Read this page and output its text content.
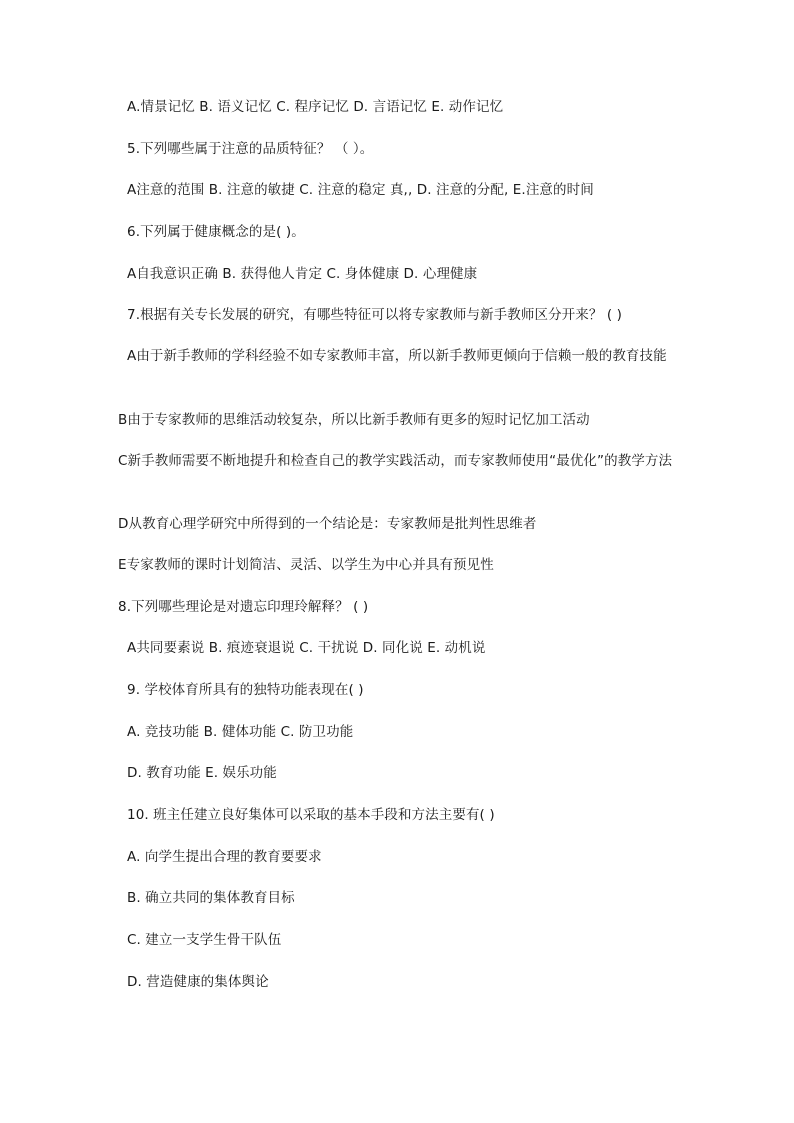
A.情景记忆 B. 语义记忆 C. 程序记忆 D. 言语记忆 E. 动作记忆

5.下列哪些属于注意的品质特征？ （ ）。

A注意的范围 B. 注意的敏捷 C. 注意的稳定 真,, D. 注意的分配, E.注意的时间

6.下列属于健康概念的是( )。

A自我意识正确 B. 获得他人肯定 C. 身体健康 D. 心理健康

7.根据有关专长发展的研究，有哪些特征可以将专家教师与新手教师区分开来？ ( )

A由于新手教师的学科经验不如专家教师丰富，所以新手教师更倾向于信赖一般的教育技能

B由于专家教师的思维活动较复杂，所以比新手教师有更多的短时记忆加工活动

C新手教师需要不断地提升和检查自己的教学实践活动，而专家教师使用“最优化”的教学方法

D从教育心理学研究中所得到的一个结论是：专家教师是批判性思维者

E专家教师的课时计划简洁、灵活、以学生为中心并具有预见性

8.下列哪些理论是对遗忘印理玲解释？ ( )

A共同要素说 B. 痕迹衰退说 C. 干扰说 D. 同化说 E. 动机说

9. 学校体育所具有的独特功能表现在( )

A. 竞技功能 B. 健体功能 C. 防卫功能

D. 教育功能 E. 娱乐功能

10. 班主任建立良好集体可以采取的基本手段和方法主要有( )

A. 向学生提出合理的教育要要求

B. 确立共同的集体教育目标

C. 建立一支学生骨干队伍

D. 营造健康的集体舆论
